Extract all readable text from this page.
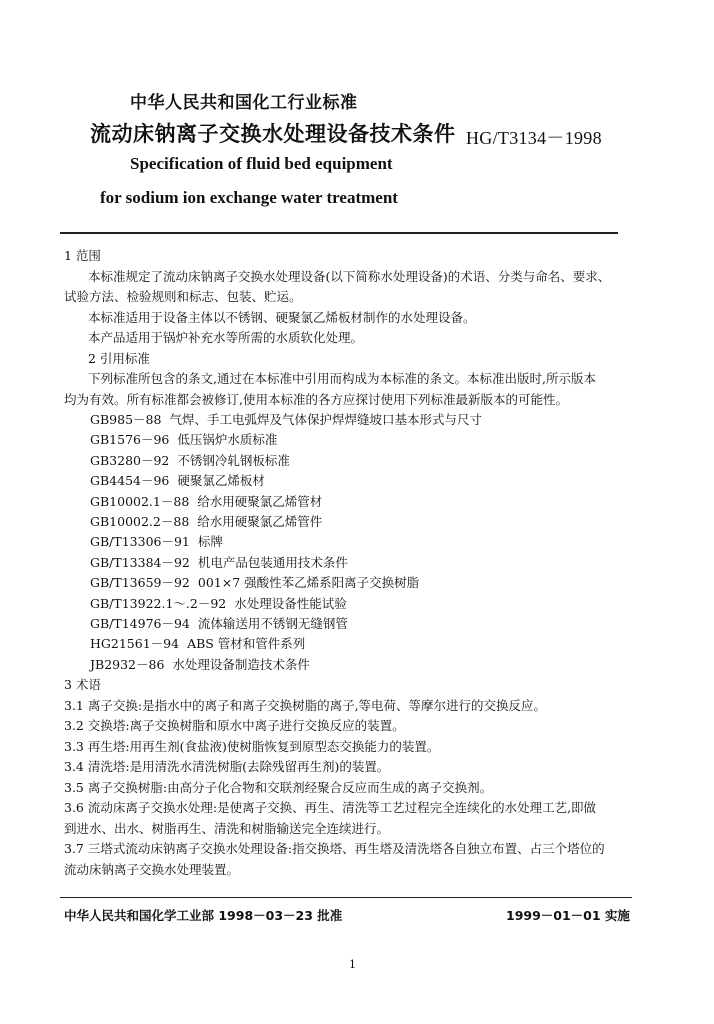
中华人民共和国化工行业标准
流动床钠离子交换水处理设备技术条件 HG/T3134－1998
Specification of fluid bed equipment
for sodium ion exchange water treatment
1 范围
本标准规定了流动床钠离子交换水处理设备(以下简称水处理设备)的术语、分类与命名、要求、
试验方法、检验规则和标志、包装、贮运。
本标准适用于设备主体以不锈钢、硬聚氯乙烯板材制作的水处理设备。
本产品适用于锅炉补充水等所需的水质软化处理。
2 引用标准
下列标准所包含的条文,通过在本标准中引用而构成为本标准的条文。本标准出版时,所示版本
均为有效。所有标准都会被修订,使用本标准的各方应探讨使用下列标准最新版本的可能性。
GB985－88 气焊、手工电弧焊及气体保护焊焊缝坡口基本形式与尺寸
GB1576－96 低压锅炉水质标准
GB3280－92 不锈钢冷轧钢板标准
GB4454－96 硬聚氯乙烯板材
GB10002.1－88 给水用硬聚氯乙烯管材
GB10002.2－88 给水用硬聚氯乙烯管件
GB/T13306－91 标牌
GB/T13384－92 机电产品包装通用技术条件
GB/T13659－92 001×7 强酸性苯乙烯系阳离子交换树脂
GB/T13922.1～.2－92 水处理设备性能试验
GB/T14976－94 流体输送用不锈钢无缝钢管
HG21561－94 ABS 管材和管件系列
JB2932－86 水处理设备制造技术条件
3 术语
3.1 离子交换:是指水中的离子和离子交换树脂的离子,等电荷、等摩尔进行的交换反应。
3.2 交换塔:离子交换树脂和原水中离子进行交换反应的装置。
3.3 再生塔:用再生剂(食盐液)使树脂恢复到原型态交换能力的装置。
3.4 清洗塔:是用清洗水清洗树脂(去除残留再生剂)的装置。
3.5 离子交换树脂:由高分子化合物和交联剂经聚合反应而生成的离子交换剂。
3.6 流动床离子交换水处理:是使离子交换、再生、清洗等工艺过程完全连续化的水处理工艺,即做
到进水、出水、树脂再生、清洗和树脂输送完全连续进行。
3.7 三塔式流动床钠离子交换水处理设备:指交换塔、再生塔及清洗塔各自独立布置、占三个塔位的
流动床钠离子交换水处理装置。
中华人民共和国化学工业部 1998－03－23 批准	1999－01－01 实施
1
